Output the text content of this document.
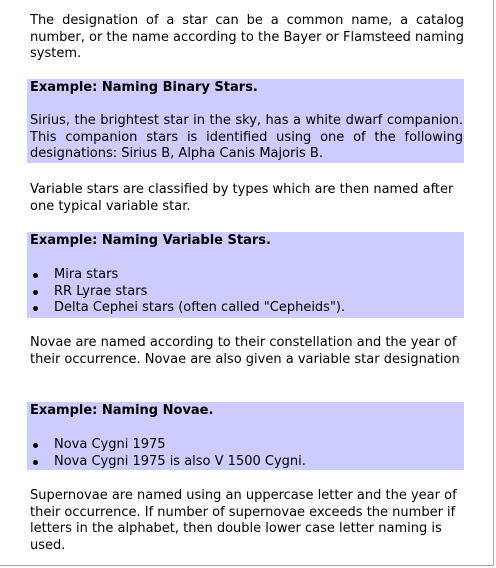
The designation of a star can be a common name, a catalog number, or the name according to the Bayer or Flamsteed naming system.

Example: Naming Binary Stars.

Sirius, the brightest star in the sky, has a white dwarf companion. This companion stars is identified using one of the following designations: Sirius B, Alpha Canis Majoris B.

Variable stars are classified by types which are then named after one typical variable star.

Example: Naming Variable Stars.

Mira stars
RR Lyrae stars
Delta Cephei stars (often called "Cepheids").

Novae are named according to their constellation and the year of their occurrence. Novae are also given a variable star designation

Example: Naming Novae.

Nova Cygni 1975
Nova Cygni 1975 is also V 1500 Cygni.

Supernovae are named using an uppercase letter and the year of their occurrence. If number of supernovae exceeds the number if letters in the alphabet, then double lower case letter naming is used.
